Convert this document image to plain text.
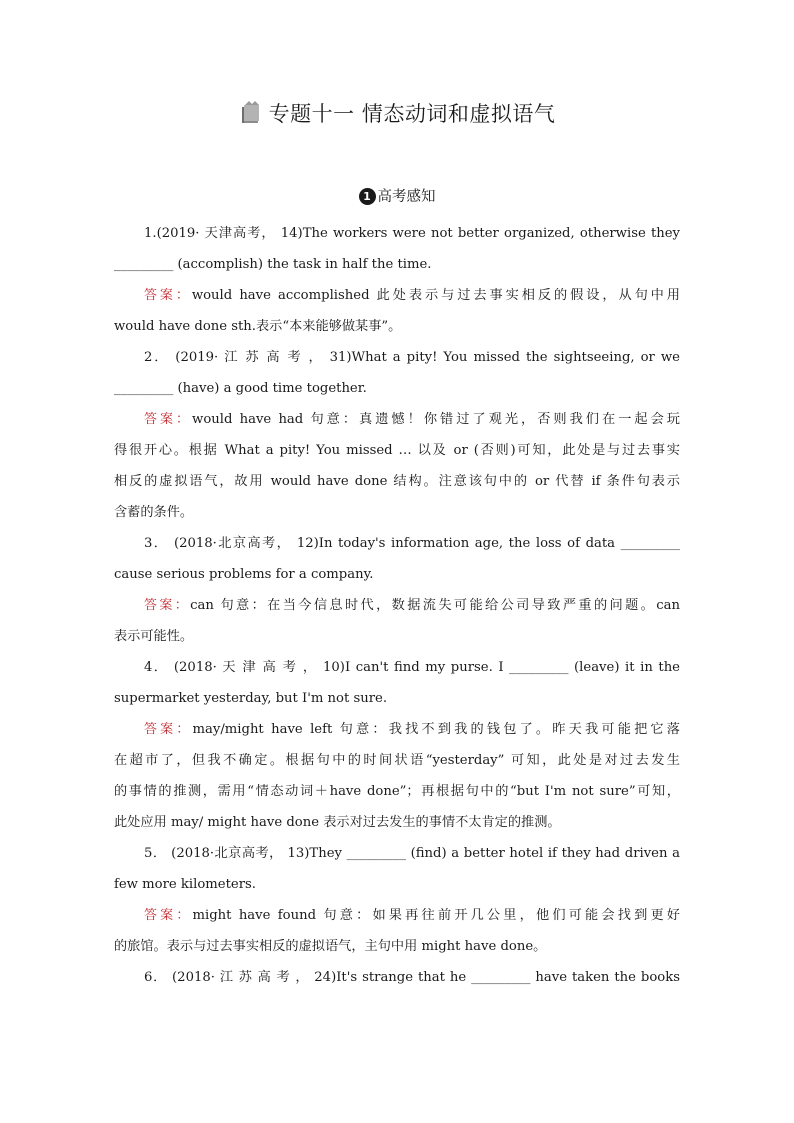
专题十一 情态动词和虚拟语气
1 高考感知
1.(2019· 天津高考， 14)The workers were not better organized, otherwise they
_________ (accomplish) the task in half the time.
答案：would have accomplished 此处表示与过去事实相反的假设，从句中用
would have done sth.表示“本来能够做某事”。
2． (2019· 江 苏 高 考 ， 31)What a pity! You missed the sightseeing, or we
_________ (have) a good time together.
答案：would have had 句意：真遗憾！你错过了观光，否则我们在一起会玩
得很开心。根据 What a pity! You missed … 以及 or (否则)可知，此处是与过去事实
相反的虚拟语气，故用 would have done 结构。注意该句中的 or 代替 if 条件句表示
含蓄的条件。
3． (2018·北京高考， 12)In today's information age, the loss of data _________
cause serious problems for a company.
答案：can 句意：在当今信息时代，数据流失可能给公司导致严重的问题。can
表示可能性。
4． (2018· 天 津 高 考 ， 10)I can't find my purse. I _________ (leave) it in the
supermarket yesterday, but I'm not sure.
答案：may/might have left 句意：我找不到我的钱包了。昨天我可能把它落
在超市了，但我不确定。根据句中的时间状语“yesterday” 可知，此处是对过去发生
的事情的推测，需用“情态动词＋have done”；再根据句中的“but I'm not sure”可知，
此处应用 may/ might have done 表示对过去发生的事情不太肯定的推测。
5． (2018·北京高考， 13)They _________ (find) a better hotel if they had driven a
few more kilometers.
答案：might have found 句意：如果再往前开几公里，他们可能会找到更好
的旅馆。表示与过去事实相反的虚拟语气，主句中用 might have done。
6． (2018· 江 苏 高 考 ， 24)It's strange that he _________ have taken the books
